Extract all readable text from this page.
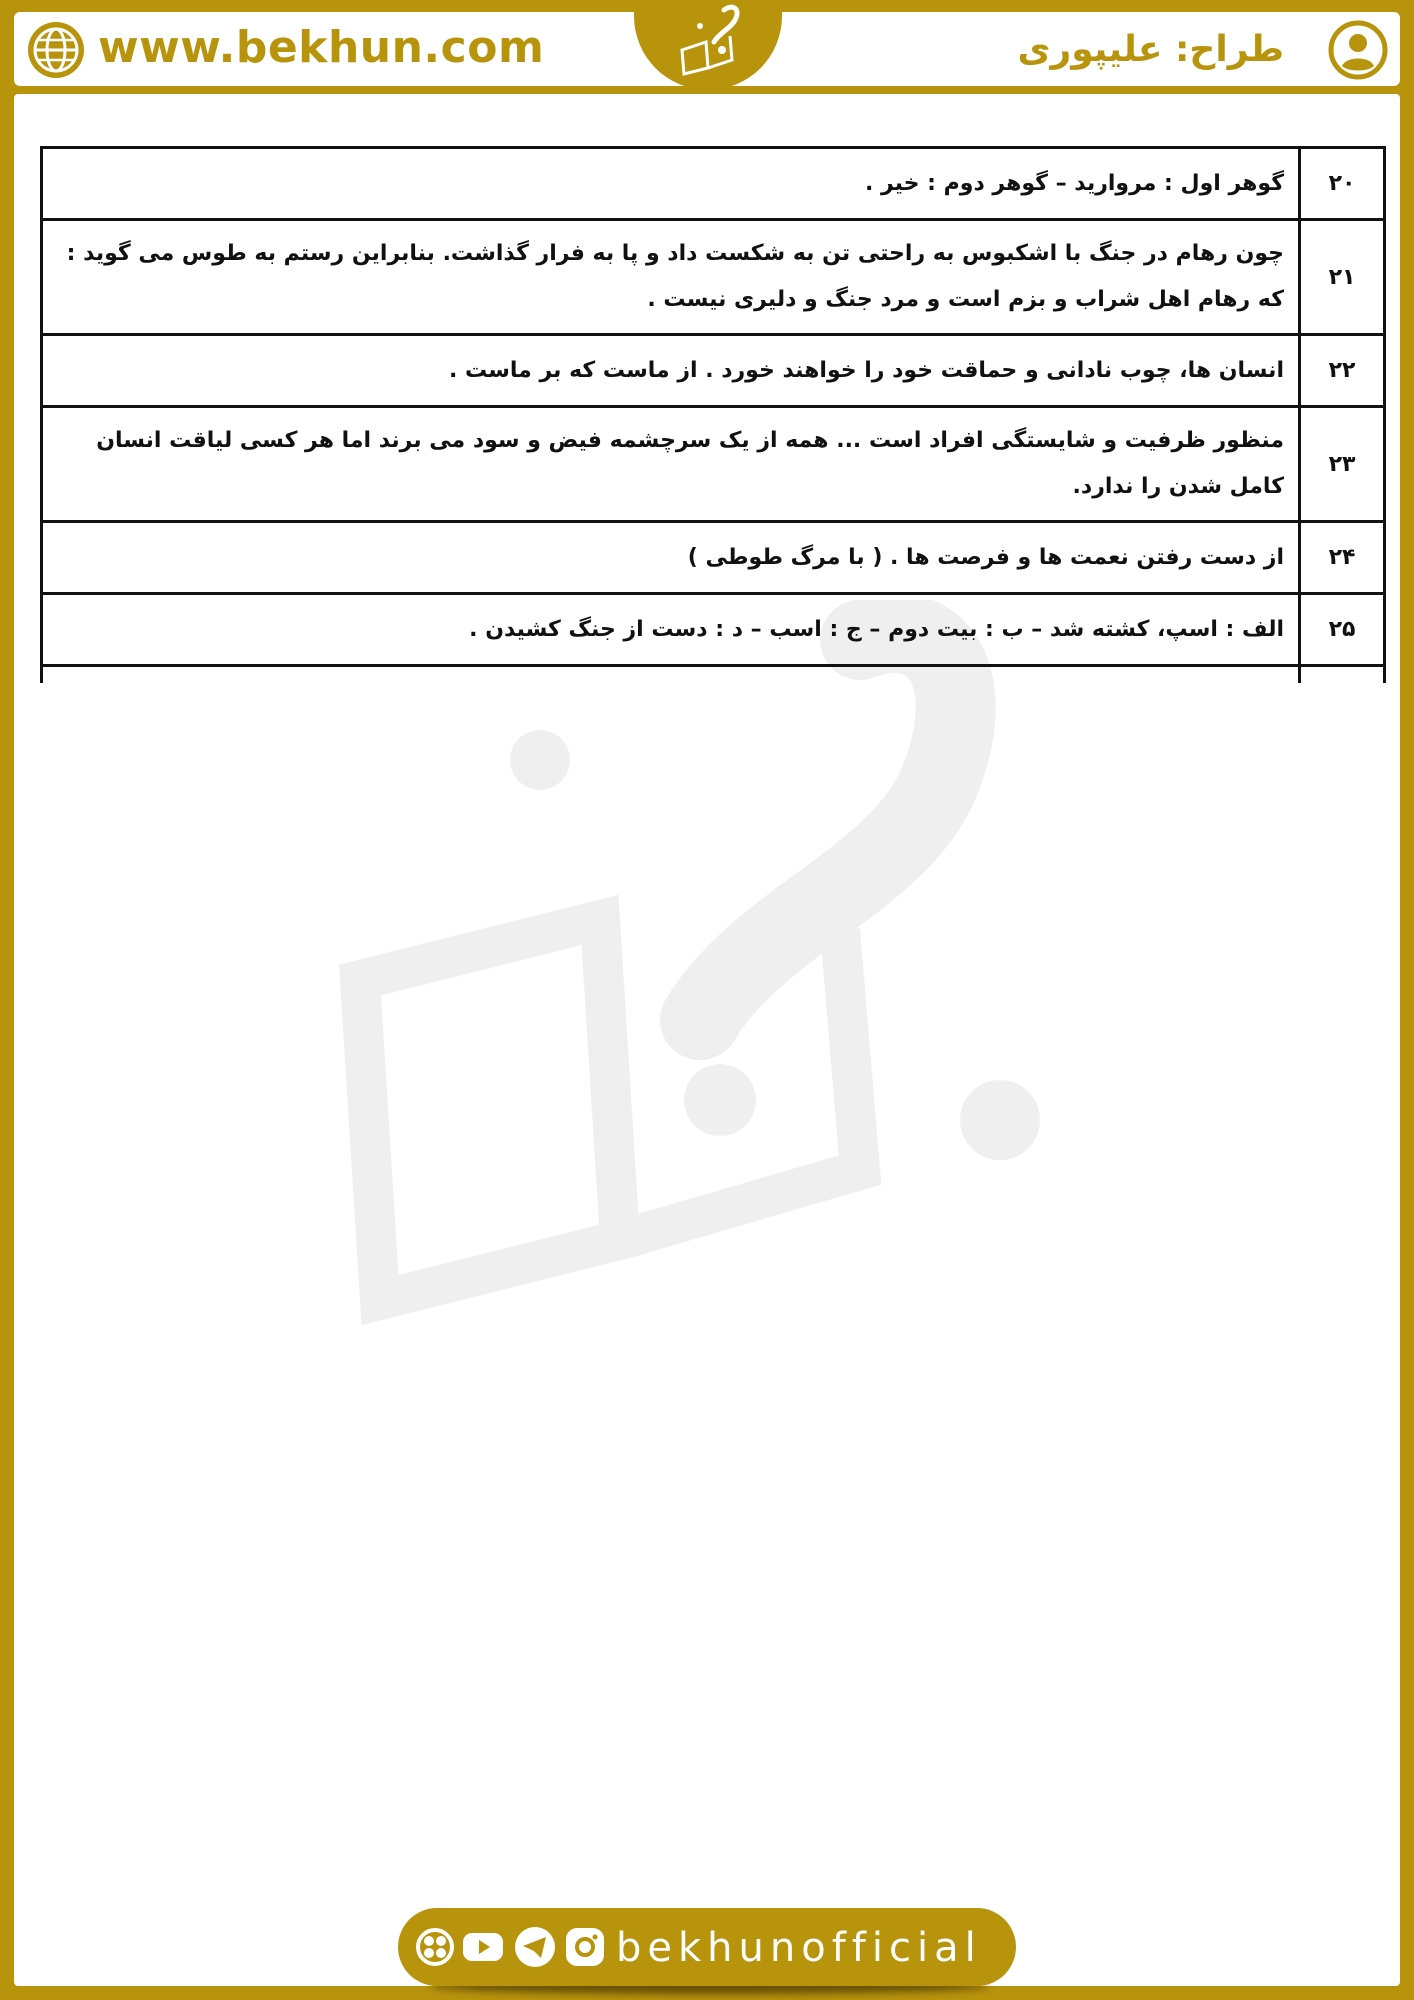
www.bekhun.com	طراح: علیپوری
۲۰	گوهر اول : مروارید – گوهر دوم : خیر .
۲۱	چون رهام در جنگ با اشکبوس به راحتی تن به شکست داد و پا به فرار گذاشت. بنابراین رستم به طوس می گوید : که رهام اهل شراب و بزم است و مرد جنگ و دلیری نیست .
۲۲	انسان ها، چوب نادانی و حماقت خود را خواهند خورد . از ماست که بر ماست .
۲۳	منظور ظرفیت و شایستگی افراد است ... همه از یک سرچشمه فیض و سود می برند اما هر کسی لیاقت انسان کامل شدن را ندارد.
۲۴	از دست رفتن نعمت ها و فرصت ها . ( با مرگ طوطی )
۲۵	الف : اسپ، کشته شد – ب : بیت دوم – ج : اسب – د : دست از جنگ کشیدن .

bekhunofficial
